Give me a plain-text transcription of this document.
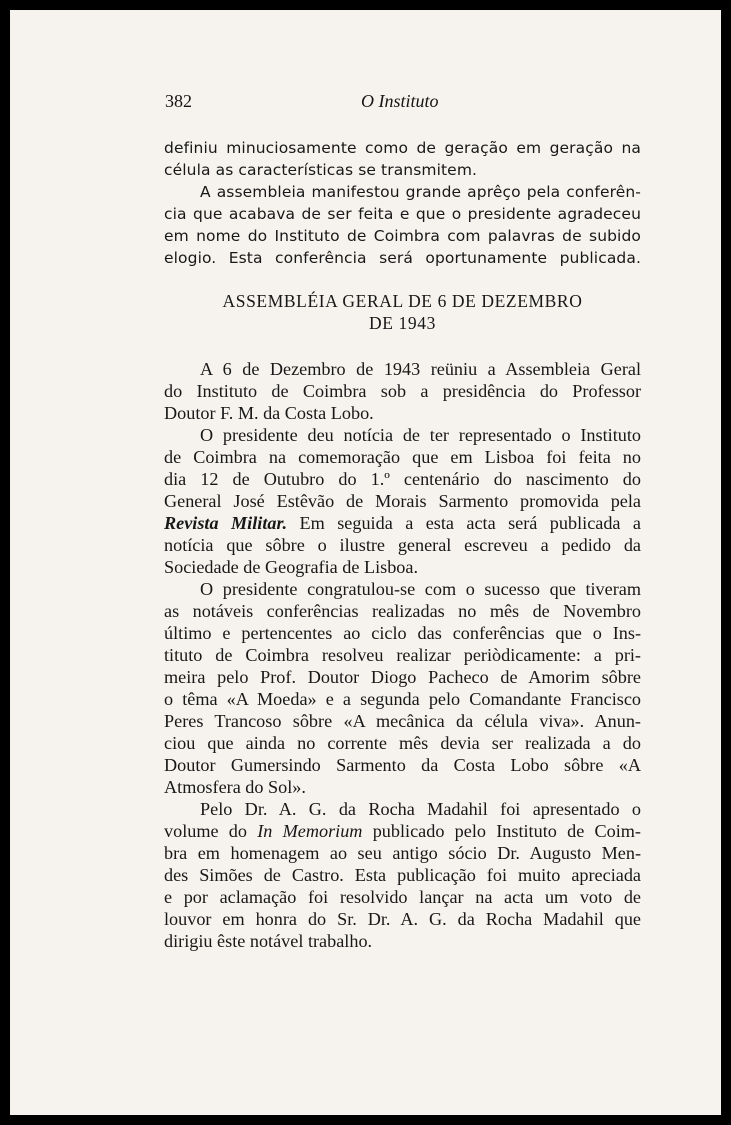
382	O Instituto
definiu minuciosamente como de geração em geração na
célula as características se transmitem.
A assembleia manifestou grande aprêço pela conferên-
cia que acabava de ser feita e que o presidente agradeceu
em nome do Instituto de Coimbra com palavras de subido
elogio. Esta conferência será oportunamente publicada.
ASSEMBLÉIA GERAL DE 6 DE DEZEMBRO
DE 1943
A 6 de Dezembro de 1943 reüniu a Assembleia Geral
do Instituto de Coimbra sob a presidência do Professor
Doutor F. M. da Costa Lobo.
O presidente deu notícia de ter representado o Instituto
de Coimbra na comemoração que em Lisboa foi feita no
dia 12 de Outubro do 1.º centenário do nascimento do
General José Estêvão de Morais Sarmento promovida pela
Revista Militar. Em seguida a esta acta será publicada a
notícia que sôbre o ilustre general escreveu a pedido da
Sociedade de Geografia de Lisboa.
O presidente congratulou-se com o sucesso que tiveram
as notáveis conferências realizadas no mês de Novembro
último e pertencentes ao ciclo das conferências que o Ins-
tituto de Coimbra resolveu realizar periòdicamente: a pri-
meira pelo Prof. Doutor Diogo Pacheco de Amorim sôbre
o têma «A Moeda» e a segunda pelo Comandante Francisco
Peres Trancoso sôbre «A mecânica da célula viva». Anun-
ciou que ainda no corrente mês devia ser realizada a do
Doutor Gumersindo Sarmento da Costa Lobo sôbre «A
Atmosfera do Sol».
Pelo Dr. A. G. da Rocha Madahil foi apresentado o
volume do In Memorium publicado pelo Instituto de Coim-
bra em homenagem ao seu antigo sócio Dr. Augusto Men-
des Simões de Castro. Esta publicação foi muito apreciada
e por aclamação foi resolvido lançar na acta um voto de
louvor em honra do Sr. Dr. A. G. da Rocha Madahil que
dirigiu êste notável trabalho.
